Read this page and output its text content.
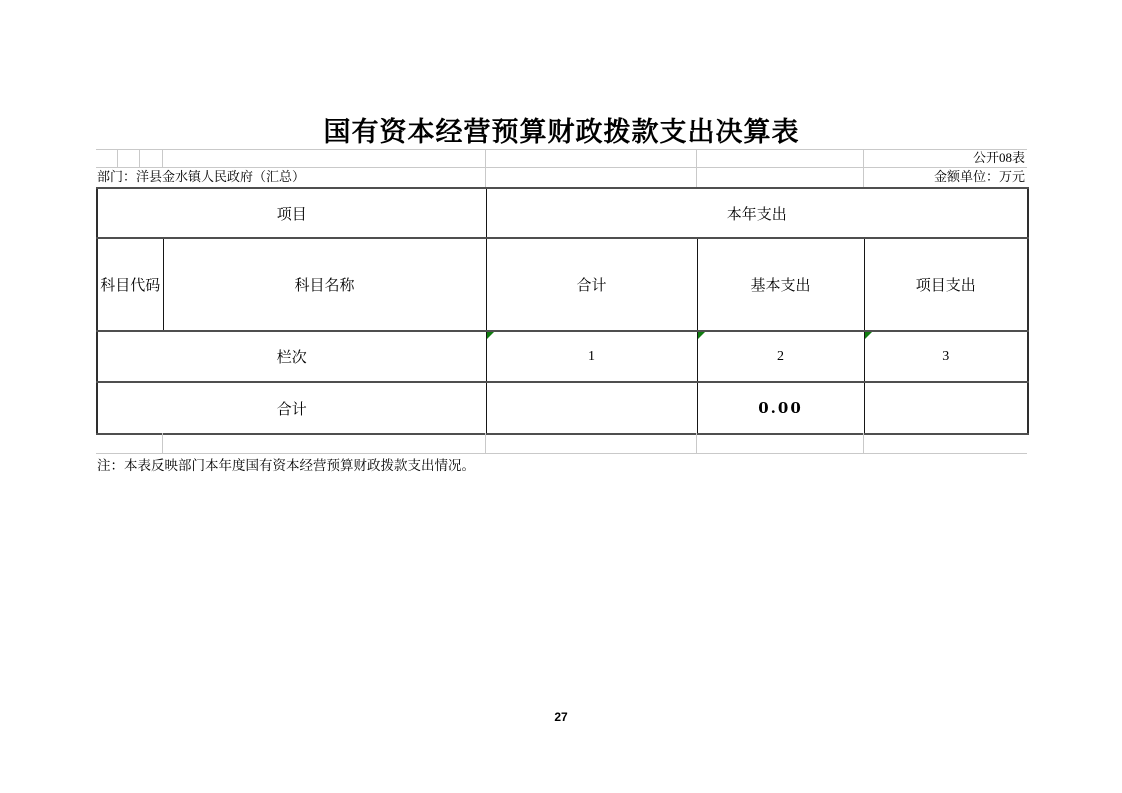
国有资本经营预算财政拨款支出决算表
公开08表
部门：洋县金水镇人民政府（汇总）	金额单位：万元
项目		本年支出		
科目代码	科目名称	合计	基本支出	项目支出
栏次		1	2	3
合计			0.00	
注：本表反映部门本年度国有资本经营预算财政拨款支出情况。
27
